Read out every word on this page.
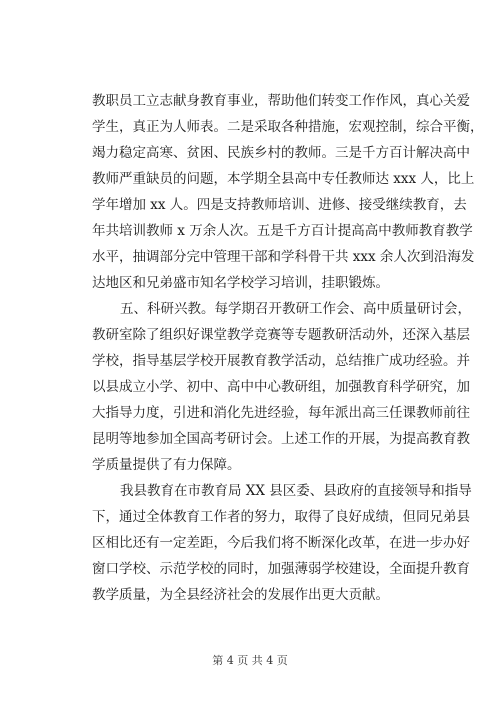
教职员工立志献身教育事业，帮助他们转变工作作风，真心关爱
学生，真正为人师表。二是采取各种措施，宏观控制，综合平衡，
竭力稳定高寒、贫困、民族乡村的教师。三是千方百计解决高中
教师严重缺员的问题，本学期全县高中专任教师达 xxx 人，比上
学年增加 xx 人。四是支持教师培训、进修、接受继续教育，去
年共培训教师 x 万余人次。五是千方百计提高高中教师教育教学
水平，抽调部分完中管理干部和学科骨干共 xxx 余人次到沿海发
达地区和兄弟盛市知名学校学习培训，挂职锻炼。
五、科研兴教。每学期召开教研工作会、高中质量研讨会，
教研室除了组织好课堂教学竞赛等专题教研活动外，还深入基层
学校，指导基层学校开展教育教学活动，总结推广成功经验。并
以县成立小学、初中、高中中心教研组，加强教育科学研究，加
大指导力度，引进和消化先进经验，每年派出高三任课教师前往
昆明等地参加全国高考研讨会。上述工作的开展，为提高教育教
学质量提供了有力保障。
我县教育在市教育局 XX 县区委、县政府的直接领导和指导
下，通过全体教育工作者的努力，取得了良好成绩，但同兄弟县
区相比还有一定差距，今后我们将不断深化改革，在进一步办好
窗口学校、示范学校的同时，加强薄弱学校建设，全面提升教育
教学质量，为全县经济社会的发展作出更大贡献。
第 4 页 共 4 页
